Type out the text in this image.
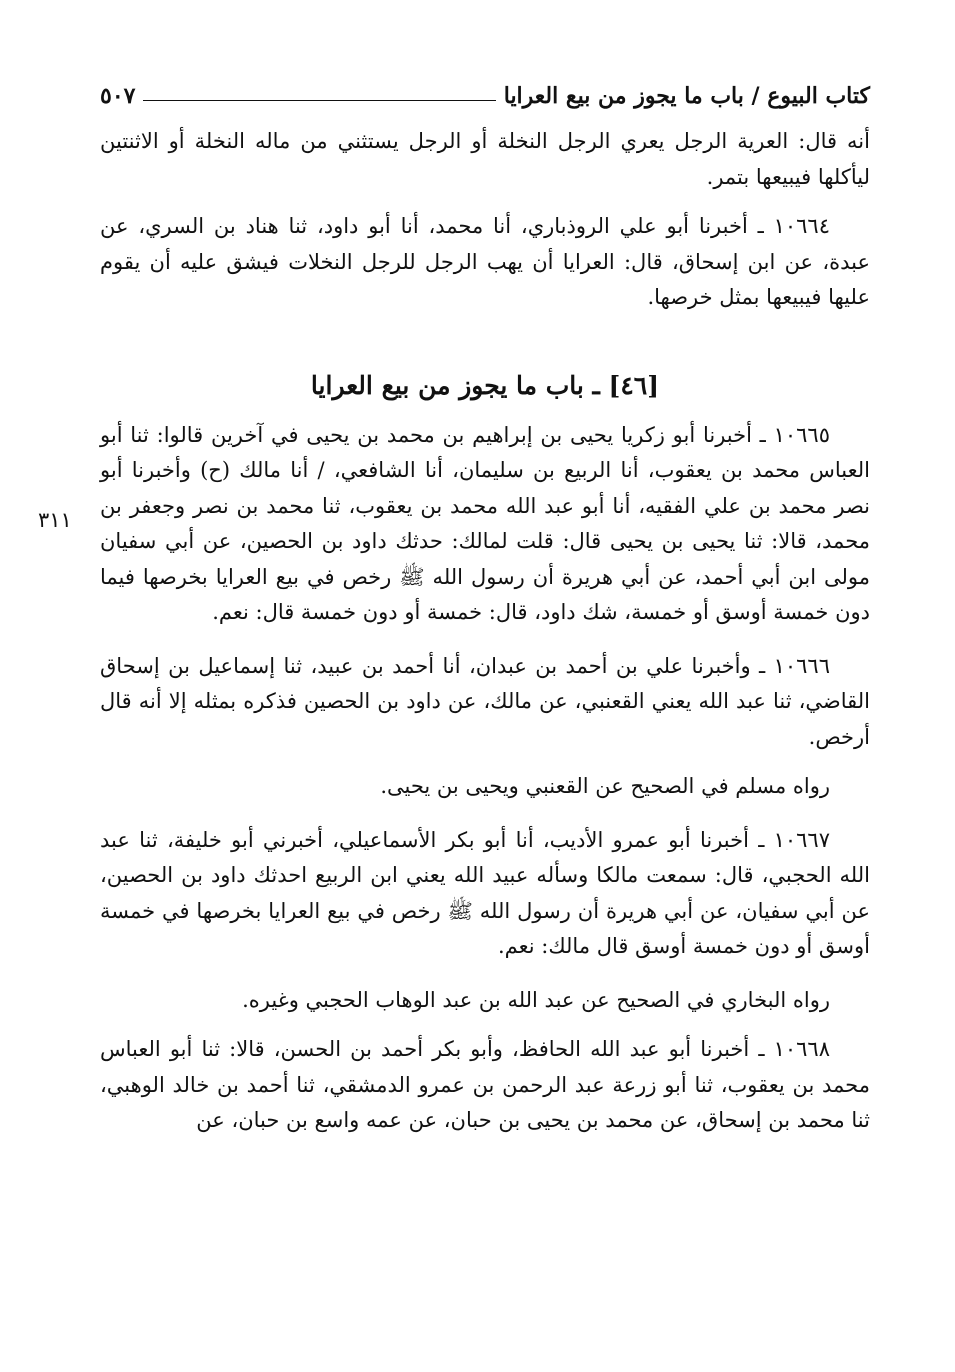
كتاب البيوع / باب ما يجوز من بيع العرايا
٥٠٧
٣١١

أنه قال: العرية الرجل يعري الرجل النخلة أو الرجل يستثني من ماله النخلة أو الاثنتين ليأكلها فيبيعها بتمر.

١٠٦٦٤ ـ أخبرنا أبو علي الروذباري، أنا محمد، أنا أبو داود، ثنا هناد بن السري، عن عبدة، عن ابن إسحاق، قال: العرايا أن يهب الرجل للرجل النخلات فيشق عليه أن يقوم عليها فيبيعها بمثل خرصها.

[٤٦] ـ باب ما يجوز من بيع العرايا

١٠٦٦٥ ـ أخبرنا أبو زكريا يحيى بن إبراهيم بن محمد بن يحيى في آخرين قالوا: ثنا أبو العباس محمد بن يعقوب، أنا الربيع بن سليمان، أنا الشافعي، / أنا مالك (ح) وأخبرنا أبو نصر محمد بن علي الفقيه، أنا أبو عبد الله محمد بن يعقوب، ثنا محمد بن نصر وجعفر بن محمد، قالا: ثنا يحيى بن يحيى قال: قلت لمالك: حدثك داود بن الحصين، عن أبي سفيان مولى ابن أبي أحمد، عن أبي هريرة أن رسول الله ﷺ رخص في بيع العرايا بخرصها فيما دون خمسة أوسق أو خمسة، شك داود، قال: خمسة أو دون خمسة قال: نعم.

١٠٦٦٦ ـ وأخبرنا علي بن أحمد بن عبدان، أنا أحمد بن عبيد، ثنا إسماعيل بن إسحاق القاضي، ثنا عبد الله يعني القعنبي، عن مالك، عن داود بن الحصين فذكره بمثله إلا أنه قال أرخص.

رواه مسلم في الصحيح عن القعنبي ويحيى بن يحيى.

١٠٦٦٧ ـ أخبرنا أبو عمرو الأديب، أنا أبو بكر الأسماعيلي، أخبرني أبو خليفة، ثنا عبد الله الحجبي، قال: سمعت مالكا وسأله عبيد الله يعني ابن الربيع احدثك داود بن الحصين، عن أبي سفيان، عن أبي هريرة أن رسول الله ﷺ رخص في بيع العرايا بخرصها في خمسة أوسق أو دون خمسة أوسق قال مالك: نعم.

رواه البخاري في الصحيح عن عبد الله بن عبد الوهاب الحجبي وغيره.

١٠٦٦٨ ـ أخبرنا أبو عبد الله الحافظ، وأبو بكر أحمد بن الحسن، قالا: ثنا أبو العباس محمد بن يعقوب، ثنا أبو زرعة عبد الرحمن بن عمرو الدمشقي، ثنا أحمد بن خالد الوهبي، ثنا محمد بن إسحاق، عن محمد بن يحيى بن حبان، عن عمه واسع بن حبان، عن
